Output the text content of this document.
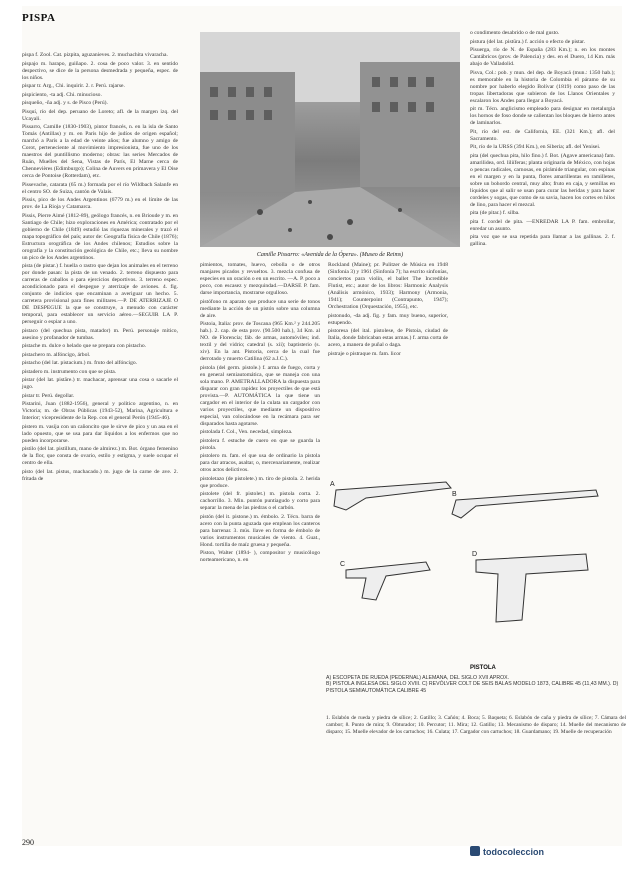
PISPA

pispa f. Zool. Cat. pizpita, aguzanieves. 2. muchachita vivaracha.

pispajo m. harapo, guiñapo. 2. cosa de poco valor. 3. en sentido despectivo, se dice de la persona desmedrada y pequeña, espec. de los niños.

pispar tr. Arg., Chi. inquirir. 2. r. Perú. rajarse.

pispiciento, -ta adj. Chi. minucioso.

pisqueño, -ña adj. y s. de Pisco (Perú).

Pisquí, río del dep. peruano de Loreto; afl. de la margen izq. del Ucayali.

Pissarro, Camille (1830-1903), pintor francés, n. en la isla de Santo Tomás (Antillas) y m. en París hijo de judíos de origen español; marchó a París a la edad de veinte años; fue alumno y amigo de Corot, perteneciente al movimiento impresionista, fue uno de los maestros del puntillismo moderno; obras: las series Mercados de Ruán, Muelles del Sena, Vistas de París, El Marne cerca de Chennevières (Edimburgo); Colina de Auvers en primavera y El Oise cerca de Pontoise (Rotterdam), etc.

Pissevache, catarata (65 m.) formada por el río Wildbach Salanfe en el centro SO. de Suiza, cantón de Valais.

Pissis, pico de los Andes Argentinos (6779 m.) en el límite de las prov. de La Rioja y Catamarca.

Pissis, Pierre Aimé (1812-89), geólogo francés, n. en Brioude y m. en Santiago de Chile; hizo exploraciones en América; contratado por el gobierno de Chile (1849) estudió las riquezas minerales y trazó el mapa topográfico del país; autor de: Geografía física de Chile (1876); Estructura orográfica de los Andes chilenos; Estudios sobre la orografía y la constitución geológica de Chile, etc.; lleva su nombre un pico de los Andes argentinos.

pista (de pistar.) f. huella o rastro que dejan los animales en el terreno por donde pasan: la pista de un venado. 2. terreno dispuesto para carreras de caballos o para ejercicios deportivos. 3. terreno espec. acondicionado para el despegue y aterrizaje de aviones. 4. fig. conjunto de indicios que encaminan a averiguar un hecho. 5. carretera provisional para fines militares.—P. DE ATERRIZAJE O DE DESPEGUE la que se construye, a menudo con carácter temporal, para establecer un servicio aéreo.—SEGUIR LA P. perseguir o espiar a uno.

pistaco (del quechua pista, matador) m. Perú. personaje mítico, asesino y profanador de tumbas.

pistache m. dulce o helado que se prepara con pistacho.

pistachero m. alfóncigo, árbol.

pistacho (del lat. pistacium.) m. fruto del alfóncigo.

pistadero m. instrumento con que se pista.

pistar (del lat. pistāre.) tr. machacar, aprensar una cosa o sacarle el jugo.

pistar tr. Perú. degollar.

Pistarini, Juan (1882-1956), general y político argentino, n. en Victoria; m. de Obras Públicas (1943-52), Marina, Agricultura e Interior; vicepresidente de la Rep. con el general Perón (1945-46).

pistero m. vasija con un cañoncito que le sirve de pico y un asa en el lado opuesto, que se usa para dar líquidos a los enfermos que no pueden incorporarse.

pistilo (del lat. pistillum, mano de almirez.) m. Bot. órgano femenino de la flor, que consta de ovario, estilo y estigma, y suele ocupar el centro de ella.

pisto (del lat. pistus, machacado.) m. jugo de la carne de ave. 2. fritada de

Camille Pissarro: «Avenida de la Ópera». (Museo de Reims)

pimientos, tomates, huevo, cebolla o de otros manjares picados y revueltos. 3. mezcla confusa de especies en un oración o en un escrito. —A. P. poco a poco, con escasez y mezquindad.—DARSE P. fam. darse importancia, mostrarse orgulloso.

pistófono m aparato que produce una serie de tonos mediante la acción de un pistón sobre una columna de aire.

Pistoia, Italia: prov. de Toscana (965 Km.² y 244.205 hab.). 2. cap. de esta prov. (90.500 hab.), 34 Km. al NO. de Florencia; fáb. de armas, automóviles; ind. textil y del vidrio; catedral (s. xii); baptisterio (s. xiv). En la ant. Pistoria, cerca de la cual fue derrotado y muerto Catilina (62 a.J.C.).

pistola (del germ. pistole.) f. arma de fuego, corta y en general semiautomática, que se maneja con una sola mano. P. AMETRALLADORA la dispuesta para disparar con gran rapidez los proyectiles de que está provista.—P. AUTOMÁTICA la que tiene un cargador en el interior de la culata un cargador con varios proyectiles, que mediante un dispositivo especial, van colocándose en la recámara para ser disparados hasta agotarse.

pistolada f. Col., Ven. necedad, simpleza.

pistolera f. estuche de cuero en que se guarda la pistola.

pistolero m. fam. el que usa de ordinario la pistola para dar atracos, asaltar, o, mercenariamente, realizar otros actos delictivos.

pistoletazo (de pistolete.) m. tiro de pistola. 2. herida que produce.

pistolete (del fr. pistolet.) m. pistola corta. 2. cachorrillo. 3. Min. puntón puntiagudo y corto para separar la mena de las piedras o el carbón.

pistón (del it. pistone.) m. émbolo. 2. Técn. barra de acero con la punta aguzada que emplean los canteros para barrenar. 3. mús. llave en forma de émbolo de varios instrumentos musicales de viento. 4. Guat., Hond. tortilla de maíz gruesa y pequeña.

Piston, Walter (1894- ), compositor y musicólogo norteamericano, n. en

Rockland (Maine); pr. Pulitzer de Música en 1948 (Sinfonía 3) y 1961 (Sinfonía 7); ha escrito sinfonías, conciertos para violín, el ballet The Incredible Flutist, etc.; autor de los libros: Harmonic Analysis (Análisis armónico, 1933); Harmony (Armonía, 1941); Counterpoint (Contrapunto, 1947); Orchestration (Orquestación, 1955), etc.

pistonudo, -da adj. fig. y fam. muy bueno, superior, estupendo.

pistoresa (del ital. pistolese, de Pistoia, ciudad de Italia, donde fabricaban estas armas.) f. arma corta de acero, a manera de puñal o daga.

pistraje o pistraque m. fam. licor

o condimento desabrido o de mal gusto.

pistura (del lat. pistūra.) f. acción o efecto de pistar.

Pisuerga, río de N. de España (283 Km.); n. en los montes Cantábricos (prov. de Palencia) y des. en el Duero, 14 Km. más abajo de Valladolid.

Pisva, Col.: pob. y mun. del dep. de Boyacá (mun.: 1350 hab.); es memorable en la historia de Colombia el páramo de su nombre por haberlo elegido Bolívar (1819) como paso de las tropas libertadoras que subieron de los Llanos Orientales y escalaron los Andes para llegar a Boyacá.

pit m. Técn. anglicismo empleado para designar en metalurgia los hornos de foso donde se calientan los bloques de hierro antes de laminarlos.

Pit, río del est. de California, EE. (321 Km.); afl. del Sacramento.

Pit, río de la URSS (394 Km.), en Siberia; afl. del Yenisei.

pita (del quechua pita, hilo fino.) f. Bot. (Agave americana) fam. amarilidea, ord. liliíferas; planta originaria de México, con hojas o pencas radicales, carnosas, en pirámide triangular, con espinas en el margen y en la punta, flores amarillentas en ramilletes, sobre un bohordo central, muy alto; fruto en caja, y semillas en líquidos que al salir se usan para curar las heridas y para hacer cordeles y sogas, que como de su savia, hacen los cortes en hilos de lino, para hacer el mezcal.

pita (de pitar.) f. silba.

pita f. cordel de pita. —ENREDAR LA P. fam. embrollar, enredar un asunto.

pita voz que se usa repetida para llamar a las gallinas. 2. f. gallina.

A
B
C
D
PISTOLA
A) ESCOPETA DE RUEDA (PEDERNAL) ALEMANA, DEL SIGLO XVII APROX.
B) PISTOLA INGLESA DEL SIGLO XVIII. C) REVÓLVER COLT DE SEIS BALAS MODELO 1873, CALIBRE 45 (11,43 MM.). D) PISTOLA SEMIAUTOMÁTICA CALIBRE 45
1. Eslabón de rueda y piedra de sílice; 2. Gatillo; 3. Cañón; 4. Boca; 5. Baqueta; 6. Eslabón de caña y piedra de sílice; 7. Cámara del cambor; 8. Punto de mira; 9. Obturador; 10. Percutor; 11. Mira; 12. Gatillo; 13. Mecanismo de disparo; 14. Muelle del mecanismo de disparo; 15. Muelle elevador de los cartuchos; 16. Culata; 17. Cargador con cartuchos; 18. Guardamano; 19. Muelle de recuperación
290
todocoleccion
